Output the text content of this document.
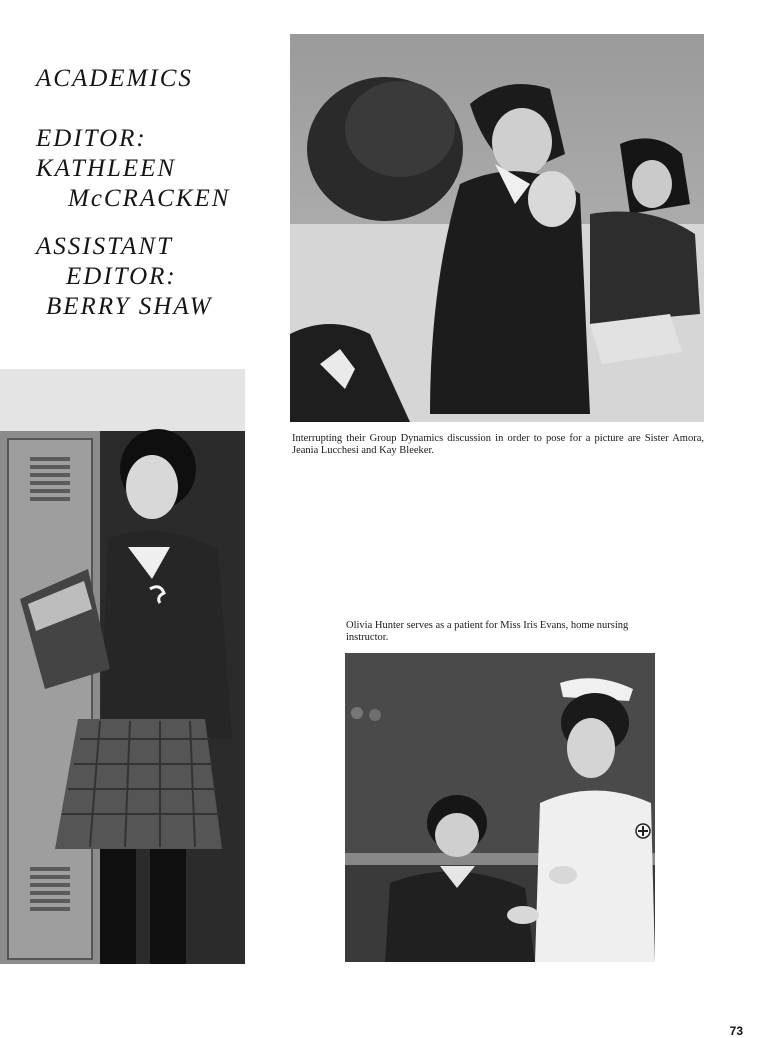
ACADEMICS
EDITOR:
KATHLEEN
McCRACKEN
ASSISTANT
EDITOR:
BERRY SHAW
Interrupting their Group Dynamics discussion in order to pose for a picture are Sister Amora, Jeania Lucchesi and Kay Bleeker.
Olivia Hunter serves as a patient for Miss Iris Evans, home nursing instructor.
73
